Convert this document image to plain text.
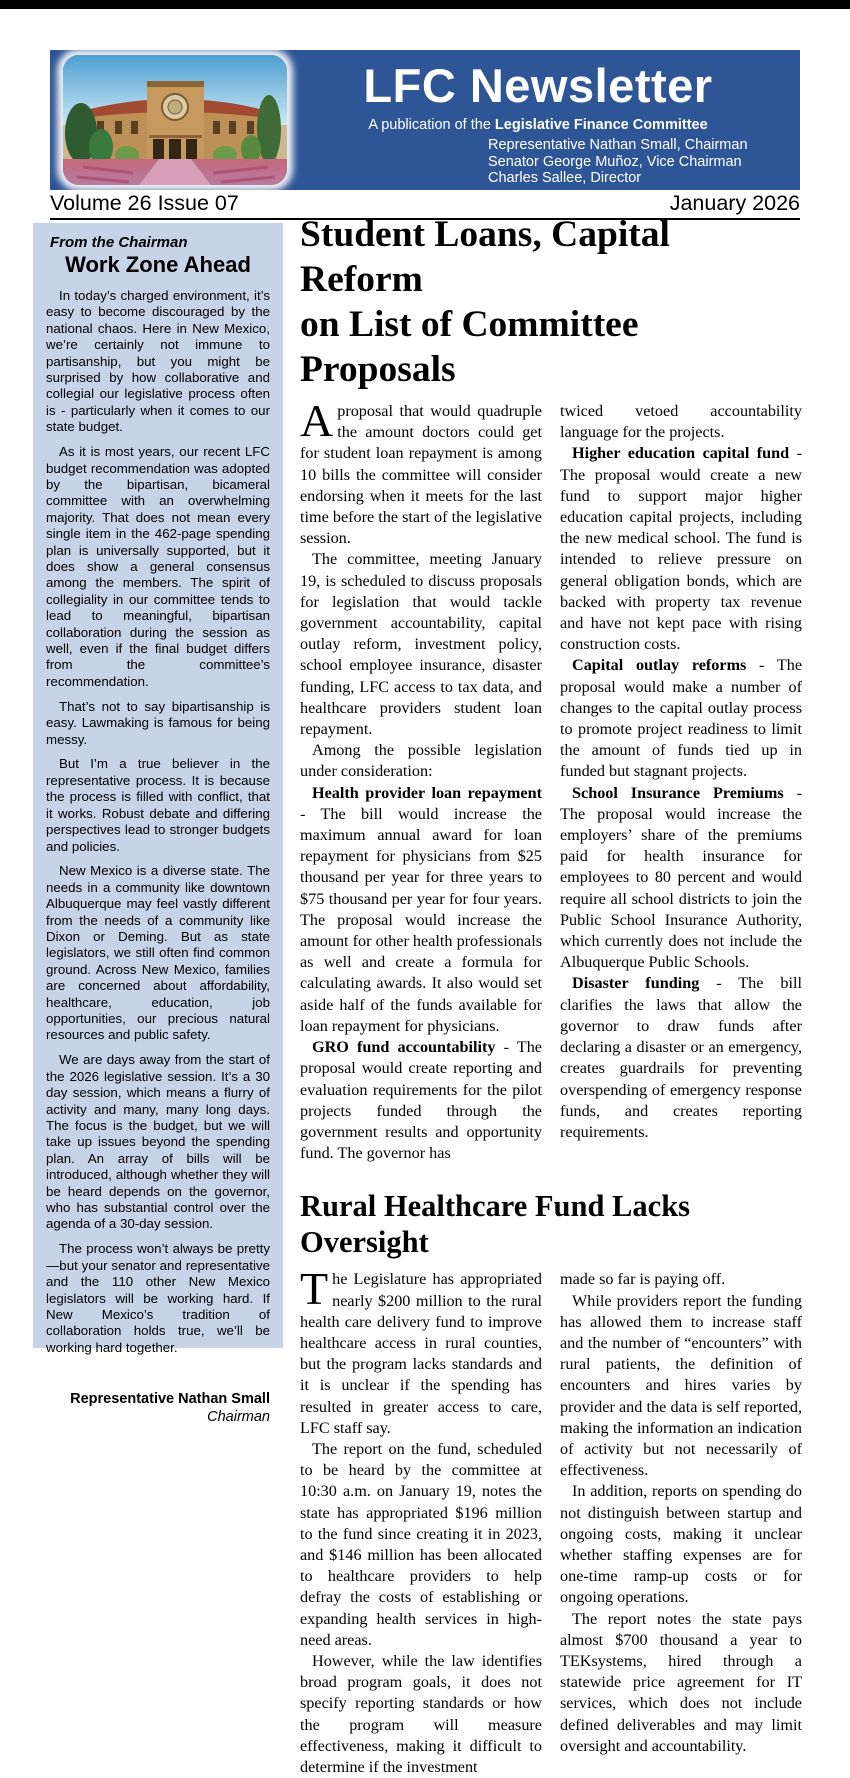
LFC Newsletter
A publication of the Legislative Finance Committee
Representative Nathan Small, Chairman
Senator George Muñoz, Vice Chairman
Charles Sallee, Director
Volume 26 Issue 07	January 2026
From the Chairman
Work Zone Ahead

In today’s charged environment, it’s easy to become discouraged by the national chaos. Here in New Mexico, we’re certainly not immune to partisanship, but you might be surprised by how collaborative and collegial our legislative process often is - particularly when it comes to our state budget.

As it is most years, our recent LFC budget recommendation was adopted by the bipartisan, bicameral committee with an overwhelming majority. That does not mean every single item in the 462-page spending plan is universally supported, but it does show a general consensus among the members. The spirit of collegiality in our committee tends to lead to meaningful, bipartisan collaboration during the session as well, even if the final budget differs from the committee’s recommendation.

That’s not to say bipartisanship is easy. Lawmaking is famous for being messy.

But I’m a true believer in the representative process. It is because the process is filled with conflict, that it works. Robust debate and differing perspectives lead to stronger budgets and policies.

New Mexico is a diverse state. The needs in a community like downtown Albuquerque may feel vastly different from the needs of a community like Dixon or Deming. But as state legislators, we still often find common ground. Across New Mexico, families are concerned about affordability, healthcare, education, job opportunities, our precious natural resources and public safety.

We are days away from the start of the 2026 legislative session. It’s a 30 day session, which means a flurry of activity and many, many long days. The focus is the budget, but we will take up issues beyond the spending plan. An array of bills will be introduced, although whether they will be heard depends on the governor, who has substantial control over the agenda of a 30-day session.

The process won’t always be pretty—but your senator and representative and the 110 other New Mexico legislators will be working hard. If New Mexico’s tradition of collaboration holds true, we’ll be working hard together.

Representative Nathan Small
Chairman
Student Loans, Capital Reform
on List of Committee Proposals

Aproposal that would quadruple the amount doctors could get for student loan repayment is among 10 bills the committee will consider endorsing when it meets for the last time before the start of the legislative session.

The committee, meeting January 19, is scheduled to discuss proposals for legislation that would tackle government accountability, capital outlay reform, investment policy, school employee insurance, disaster funding, LFC access to tax data, and healthcare providers student loan repayment.

Among the possible legislation under consideration:

Health provider loan repayment - The bill would increase the maximum annual award for loan repayment for physicians from $25 thousand per year for three years to $75 thousand per year for four years. The proposal would increase the amount for other health professionals as well and create a formula for calculating awards. It also would set aside half of the funds available for loan repayment for physicians.

GRO fund accountability - The proposal would create reporting and evaluation requirements for the pilot projects funded through the government results and opportunity fund. The governor has

twiced vetoed accountability language for the projects.

Higher education capital fund - The proposal would create a new fund to support major higher education capital projects, including the new medical school. The fund is intended to relieve pressure on general obligation bonds, which are backed with property tax revenue and have not kept pace with rising construction costs.

Capital outlay reforms - The proposal would make a number of changes to the capital outlay process to promote project readiness to limit the amount of funds tied up in funded but stagnant projects.

School Insurance Premiums - The proposal would increase the employers’ share of the premiums paid for health insurance for employees to 80 percent and would require all school districts to join the Public School Insurance Authority, which currently does not include the Albuquerque Public Schools.

Disaster funding - The bill clarifies the laws that allow the governor to draw funds after declaring a disaster or an emergency, creates guardrails for preventing overspending of emergency response funds, and creates reporting requirements.

Rural Healthcare Fund Lacks Oversight

The Legislature has appropriated nearly $200 million to the rural health care delivery fund to improve healthcare access in rural counties, but the program lacks standards and it is unclear if the spending has resulted in greater access to care, LFC staff say.

The report on the fund, scheduled to be heard by the committee at 10:30 a.m. on January 19, notes the state has appropriated $196 million to the fund since creating it in 2023, and $146 million has been allocated to healthcare providers to help defray the costs of establishing or expanding health services in high-need areas.

However, while the law identifies broad program goals, it does not specify reporting standards or how the program will measure effectiveness, making it difficult to determine if the investment

made so far is paying off.

While providers report the funding has allowed them to increase staff and the number of “encounters” with rural patients, the definition of encounters and hires varies by provider and the data is self reported, making the information an indication of activity but not necessarily of effectiveness.

In addition, reports on spending do not distinguish between startup and ongoing costs, making it unclear whether staffing expenses are for one-time ramp-up costs or for ongoing operations.

The report notes the state pays almost $700 thousand a year to TEKsystems, hired through a statewide price agreement for IT services, which does not include defined deliverables and may limit oversight and accountability.
